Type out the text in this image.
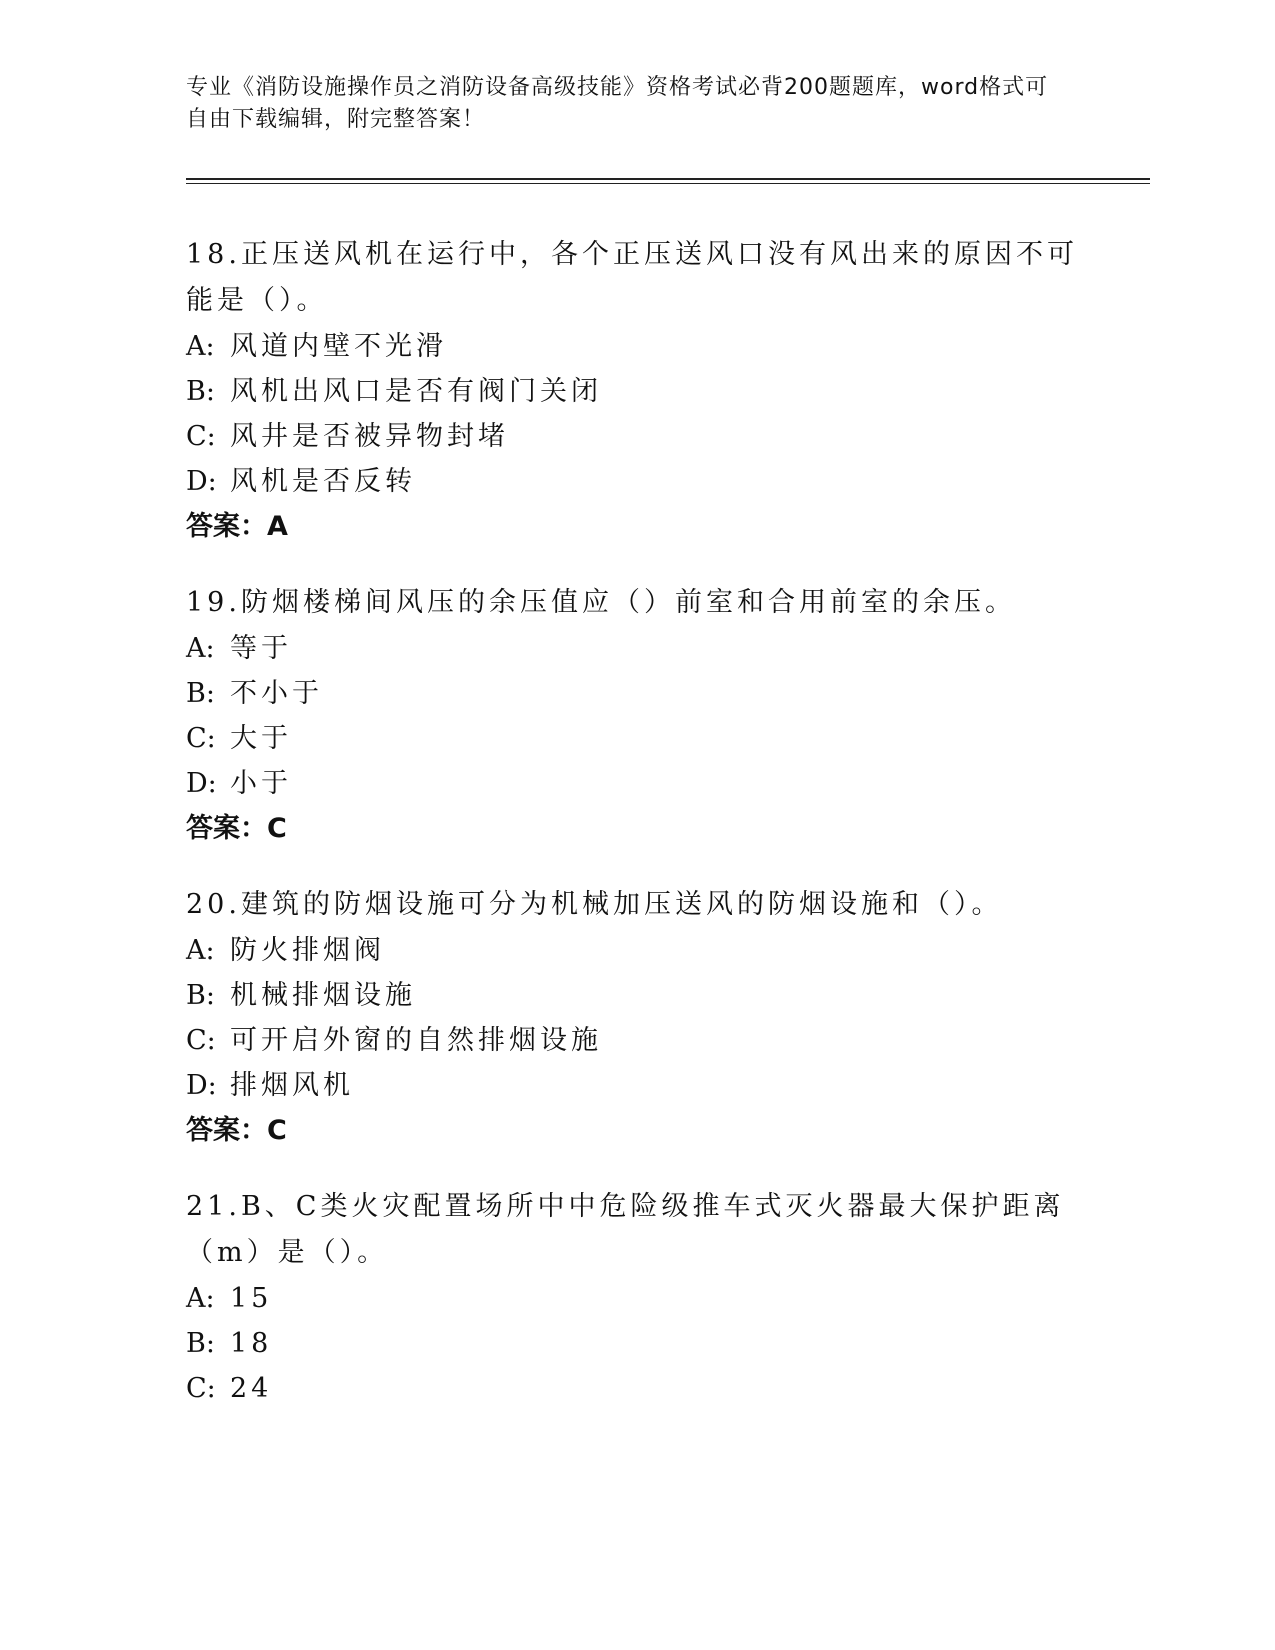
专业《消防设施操作员之消防设备高级技能》资格考试必背200题题库，word格式可自由下载编辑，附完整答案！

18.正压送风机在运行中，各个正压送风口没有风出来的原因不可能是（）。

A: 风道内壁不光滑

B: 风机出风口是否有阀门关闭

C: 风井是否被异物封堵

D: 风机是否反转

答案：A

19.防烟楼梯间风压的余压值应（）前室和合用前室的余压。

A: 等于

B: 不小于

C: 大于

D: 小于

答案：C

20.建筑的防烟设施可分为机械加压送风的防烟设施和（）。

A: 防火排烟阀

B: 机械排烟设施

C: 可开启外窗的自然排烟设施

D: 排烟风机

答案：C

21.B、C类火灾配置场所中中危险级推车式灭火器最大保护距离（m）是（）。

A: 15

B: 18

C: 24
